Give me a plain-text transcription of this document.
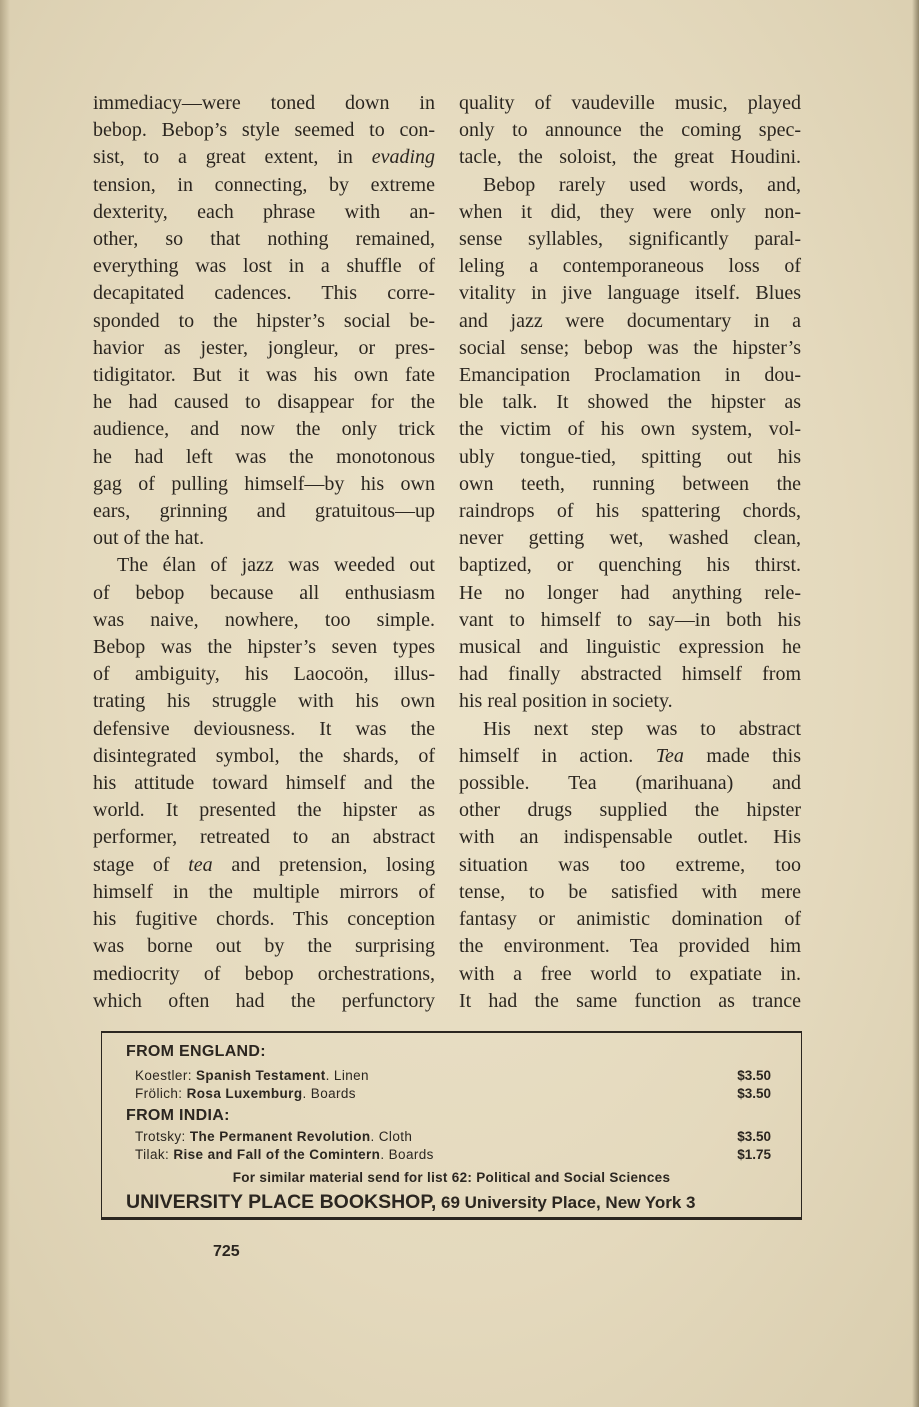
immediacy—were toned down in

bebop. Bebop’s style seemed to con-

sist, to a great extent, in evading

tension, in connecting, by extreme

dexterity, each phrase with an-

other, so that nothing remained,

everything was lost in a shuffle of

decapitated cadences. This corre-

sponded to the hipster’s social be-

havior as jester, jongleur, or pres-

tidigitator. But it was his own fate

he had caused to disappear for the

audience, and now the only trick

he had left was the monotonous

gag of pulling himself—by his own

ears, grinning and gratuitous—up

out of the hat.

The élan of jazz was weeded out

of bebop because all enthusiasm

was naive, nowhere, too simple.

Bebop was the hipster’s seven types

of ambiguity, his Laocoön, illus-

trating his struggle with his own

defensive deviousness. It was the

disintegrated symbol, the shards, of

his attitude toward himself and the

world. It presented the hipster as

performer, retreated to an abstract

stage of tea and pretension, losing

himself in the multiple mirrors of

his fugitive chords. This conception

was borne out by the surprising

mediocrity of bebop orchestrations,

which often had the perfunctory

quality of vaudeville music, played

only to announce the coming spec-

tacle, the soloist, the great Houdini.

Bebop rarely used words, and,

when it did, they were only non-

sense syllables, significantly paral-

leling a contemporaneous loss of

vitality in jive language itself. Blues

and jazz were documentary in a

social sense; bebop was the hipster’s

Emancipation Proclamation in dou-

ble talk. It showed the hipster as

the victim of his own system, vol-

ubly tongue-tied, spitting out his

own teeth, running between the

raindrops of his spattering chords,

never getting wet, washed clean,

baptized, or quenching his thirst.

He no longer had anything rele-

vant to himself to say—in both his

musical and linguistic expression he

had finally abstracted himself from

his real position in society.

His next step was to abstract

himself in action. Tea made this

possible. Tea (marihuana) and

other drugs supplied the hipster

with an indispensable outlet. His

situation was too extreme, too

tense, to be satisfied with mere

fantasy or animistic domination of

the environment. Tea provided him

with a free world to expatiate in.

It had the same function as trance

FROM ENGLAND:
Koestler: Spanish Testament. Linen	$3.50
Frölich: Rosa Luxemburg. Boards	$3.50
FROM INDIA:
Trotsky: The Permanent Revolution. Cloth	$3.50
Tilak: Rise and Fall of the Comintern. Boards	$1.75
For similar material send for list 62: Political and Social Sciences
UNIVERSITY PLACE BOOKSHOP, 69 University Place, New York 3
725
